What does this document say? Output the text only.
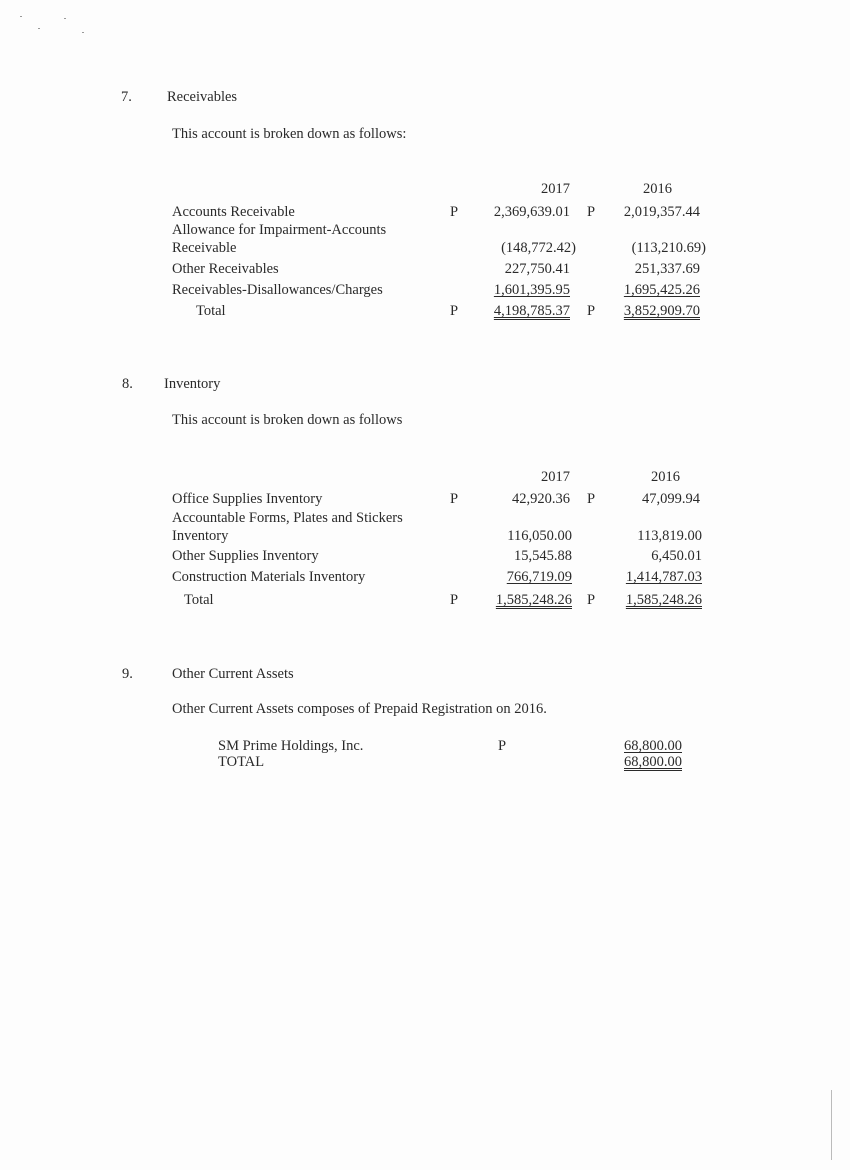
7. Receivables
This account is broken down as follows:
2017	2016
Accounts Receivable	P	2,369,639.01 P	2,019,357.44
Allowance for Impairment-Accounts
Receivable	(148,772.42)	(113,210.69)
Other Receivables	227,750.41	251,337.69
Receivables-Disallowances/Charges	1,601,395.95	1,695,425.26
Total	P	4,198,785.37 P	3,852,909.70
8. Inventory
This account is broken down as follows
2017	2016
Office Supplies Inventory	P	42,920.36 P	47,099.94
Accountable Forms, Plates and Stickers
Inventory	116,050.00	113,819.00
Other Supplies Inventory	15,545.88	6,450.01
Construction Materials Inventory	766,719.09	1,414,787.03
Total	P	1,585,248.26 P	1,585,248.26
9.	Other Current Assets
Other Current Assets composes of Prepaid Registration on 2016.
SM Prime Holdings, Inc.	P	68,800.00
TOTAL	68,800.00
